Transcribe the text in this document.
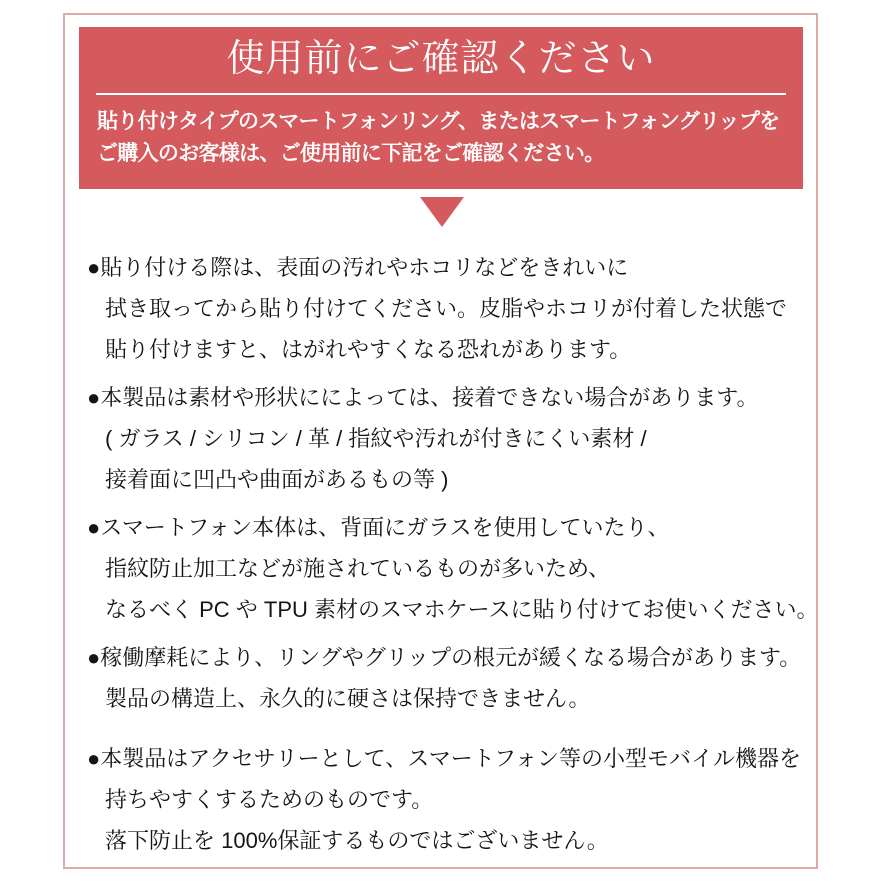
使用前にご確認ください

貼り付けタイプのスマートフォンリング、またはスマートフォングリップを
ご購入のお客様は、ご使用前に下記をご確認ください。

●貼り付ける際は、表面の汚れやホコリなどをきれいに
拭き取ってから貼り付けてください。皮脂やホコリが付着した状態で
貼り付けますと、はがれやすくなる恐れがあります。
●本製品は素材や形状にによっては、接着できない場合があります。
( ガラス / シリコン / 革 / 指紋や汚れが付きにくい素材 /
接着面に凹凸や曲面があるもの等 )
●スマートフォン本体は、背面にガラスを使用していたり、
指紋防止加工などが施されているものが多いため、
なるべく PC や TPU 素材のスマホケースに貼り付けてお使いください。
●稼働摩耗により、リングやグリップの根元が緩くなる場合があります。
製品の構造上、永久的に硬さは保持できません。
●本製品はアクセサリーとして、スマートフォン等の小型モバイル機器を
持ちやすくするためのものです。
落下防止を 100%保証するものではございません。
